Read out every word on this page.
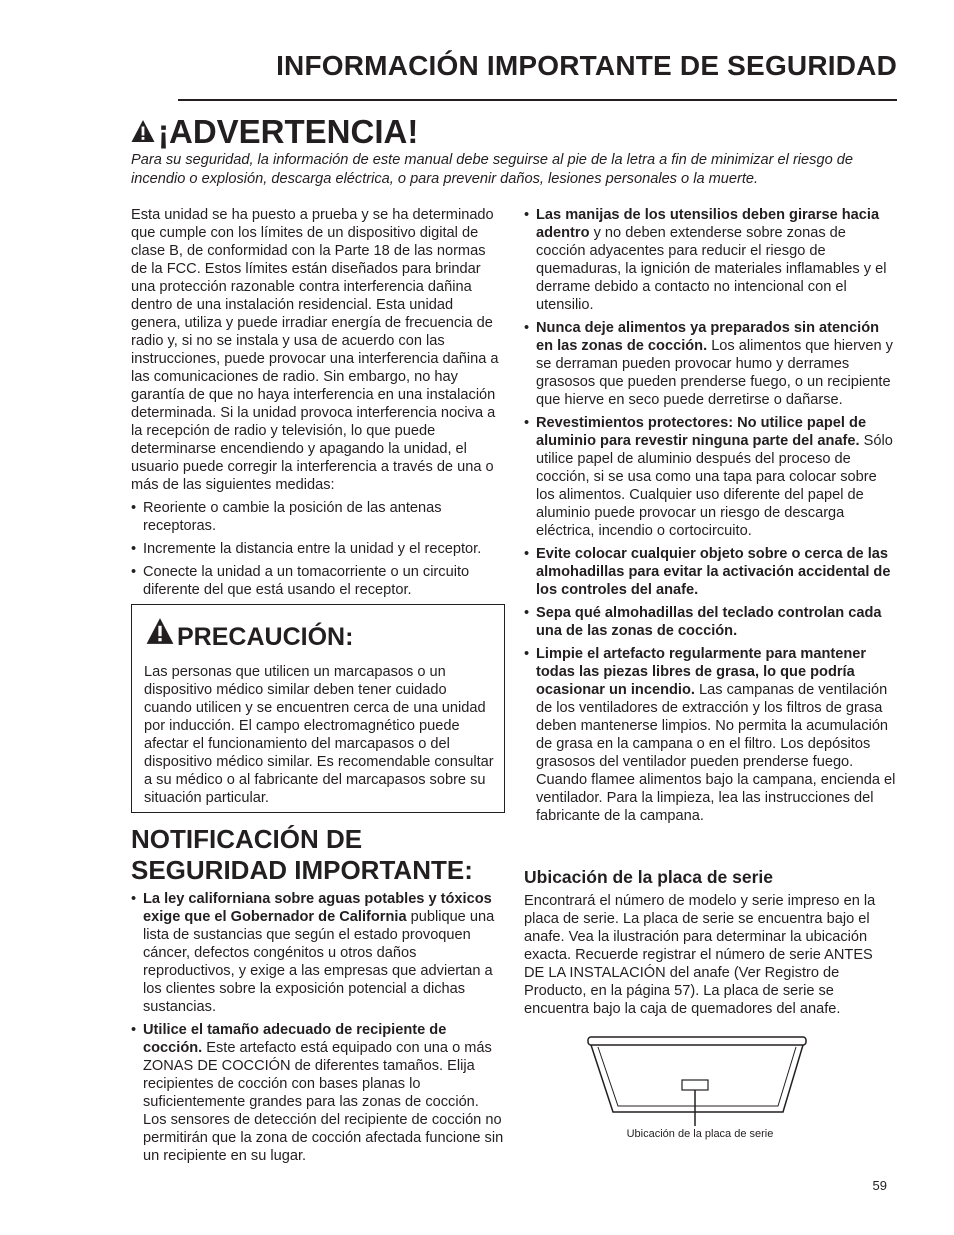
INFORMACIÓN IMPORTANTE DE SEGURIDAD
¡ADVERTENCIA!
Para su seguridad, la información de este manual debe seguirse al pie de la letra a fin de minimizar el riesgo de incendio o explosión, descarga eléctrica, o para prevenir daños, lesiones personales o la muerte.

Esta unidad se ha puesto a prueba y se ha determinado que cumple con los límites de un dispositivo digital de clase B, de conformidad con la Parte 18 de las normas de la FCC. Estos límites están diseñados para brindar una protección razonable contra interferencia dañina dentro de una instalación residencial. Esta unidad genera, utiliza y puede irradiar energía de frecuencia de radio y, si no se instala y usa de acuerdo con las instrucciones, puede provocar una interferencia dañina a las comunicaciones de radio. Sin embargo, no hay garantía de que no haya interferencia en una instalación determinada. Si la unidad provoca interferencia nociva a la recepción de radio y televisión, lo que puede determinarse encendiendo y apagando la unidad, el usuario puede corregir la interferencia a través de una o más de las siguientes medidas:

• Reoriente o cambie la posición de las antenas receptoras.

• Incremente la distancia entre la unidad y el receptor.

• Conecte la unidad a un tomacorriente o un circuito diferente del que está usando el receptor.

PRECAUCIÓN:
Las personas que utilicen un marcapasos o un dispositivo médico similar deben tener cuidado cuando utilicen y se encuentren cerca de una unidad por inducción. El campo electromagnético puede afectar el funcionamiento del marcapasos o del dispositivo médico similar. Es recomendable consultar a su médico o al fabricante del marcapasos sobre su situación particular.
NOTIFICACIÓN DE SEGURIDAD IMPORTANTE:

• La ley californiana sobre aguas potables y tóxicos exige que el Gobernador de California publique una lista de sustancias que según el estado provoquen cáncer, defectos congénitos u otros daños reproductivos, y exige a las empresas que adviertan a los clientes sobre la exposición potencial a dichas sustancias.

• Utilice el tamaño adecuado de recipiente de cocción. Este artefacto está equipado con una o más ZONAS DE COCCIÓN de diferentes tamaños. Elija recipientes de cocción con bases planas lo suficientemente grandes para las zonas de cocción. Los sensores de detección del recipiente de cocción no permitirán que la zona de cocción afectada funcione sin un recipiente en su lugar.

• Las manijas de los utensilios deben girarse hacia adentro y no deben extenderse sobre zonas de cocción adyacentes para reducir el riesgo de quemaduras, la ignición de materiales inflamables y el derrame debido a contacto no intencional con el utensilio.

• Nunca deje alimentos ya preparados sin atención en las zonas de cocción. Los alimentos que hierven y se derraman pueden provocar humo y derrames grasosos que pueden prenderse fuego, o un recipiente que hierve en seco puede derretirse o dañarse.

• Revestimientos protectores: No utilice papel de aluminio para revestir ninguna parte del anafe. Sólo utilice papel de aluminio después del proceso de cocción, si se usa como una tapa para colocar sobre los alimentos. Cualquier uso diferente del papel de aluminio puede provocar un riesgo de descarga eléctrica, incendio o cortocircuito.

• Evite colocar cualquier objeto sobre o cerca de las almohadillas para evitar la activación accidental de los controles del anafe.

• Sepa qué almohadillas del teclado controlan cada una de las zonas de cocción.

• Limpie el artefacto regularmente para mantener todas las piezas libres de grasa, lo que podría ocasionar un incendio. Las campanas de ventilación de los ventiladores de extracción y los filtros de grasa deben mantenerse limpios. No permita la acumulación de grasa en la campana o en el filtro. Los depósitos grasosos del ventilador pueden prenderse fuego. Cuando flamee alimentos bajo la campana, encienda el ventilador. Para la limpieza, lea las instrucciones del fabricante de la campana.

Ubicación de la placa de serie
Encontrará el número de modelo y serie impreso en la placa de serie. La placa de serie se encuentra bajo el anafe. Vea la ilustración para determinar la ubicación exacta. Recuerde registrar el número de serie ANTES DE LA INSTALACIÓN del anafe (Ver Registro de Producto, en la página 57). La placa de serie se encuentra bajo la caja de quemadores del anafe.
Ubicación de la placa de serie
59
